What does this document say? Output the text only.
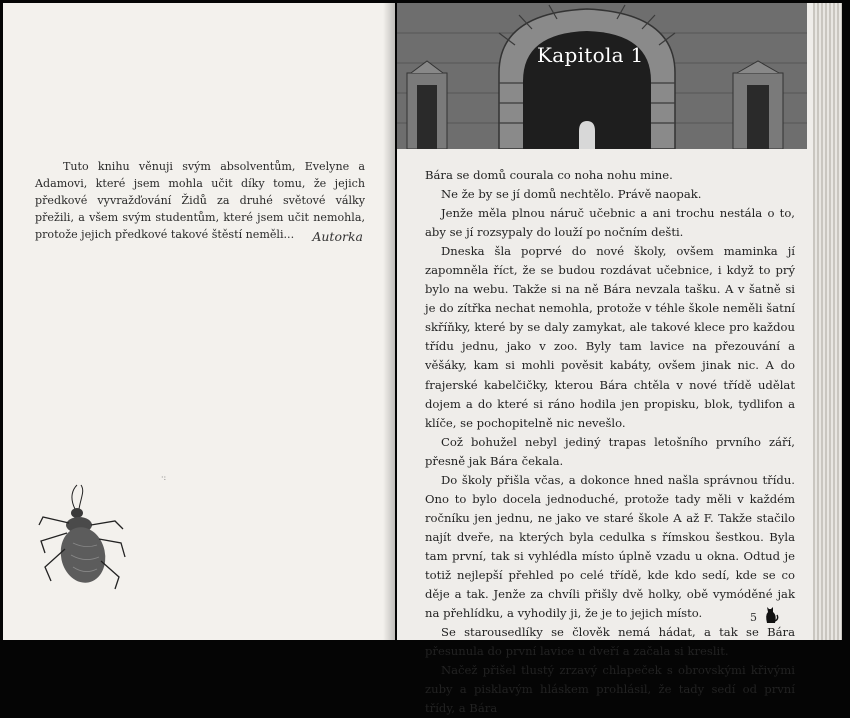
Tuto knihu věnuji svým absolventům, Evelyne a Adamovi, které jsem mohla učit díky tomu, že jejich předkové vyvražďování Židů za druhé světové války přežili, a všem svým studentům, které jsem učit nemohla, protože jejich předkové takové štěstí neměli...	Autorka
·:
Kapitola 1

Bára se domů courala co noha nohu mine.

Ne že by se jí domů nechtělo. Právě naopak.

Jenže měla plnou náruč učebnic a ani trochu nestála o to, aby se jí rozsypaly do louží po nočním dešti.

Dneska šla poprvé do nové školy, ovšem maminka jí zapomněla říct, že se budou rozdávat učebnice, i když to prý bylo na webu. Takže si na ně Bára nevzala tašku. A v šatně si je do zítřka nechat nemohla, protože v téhle škole neměli šatní skříňky, které by se daly zamykat, ale takové klece pro každou třídu jednu, jako v zoo. Byly tam lavice na přezouvání a věšáky, kam si mohli pověsit kabáty, ovšem jinak nic. A do frajerské kabelčičky, kterou Bára chtěla v nové třídě udělat dojem a do které si ráno hodila jen propisku, blok, tydlifon a klíče, se pochopitelně nic nevešlo.

Což bohužel nebyl jediný trapas letošního prvního září, přesně jak Bára čekala.

Do školy přišla včas, a dokonce hned našla správnou třídu. Ono to bylo docela jednoduché, protože tady měli v každém ročníku jen jednu, ne jako ve staré škole A až F. Takže stačilo najít dveře, na kterých byla cedulka s římskou šestkou. Byla tam první, tak si vyhlédla místo úplně vzadu u okna. Odtud je totiž nejlepší přehled po celé třídě, kde kdo sedí, kde se co děje a tak. Jenže za chvíli přišly dvě holky, obě vymóděné jak na přehlídku, a vyhodily ji, že je to jejich místo.

Se starousedlíky se člověk nemá hádat, a tak se Bára přesunula do první lavice u dveří a začala si kreslit.

Načež přišel tlustý zrzavý chlapeček s obrovskými křivými zuby a pisklavým hláskem prohlásil, že tady sedí od první třídy, a Bára

5
